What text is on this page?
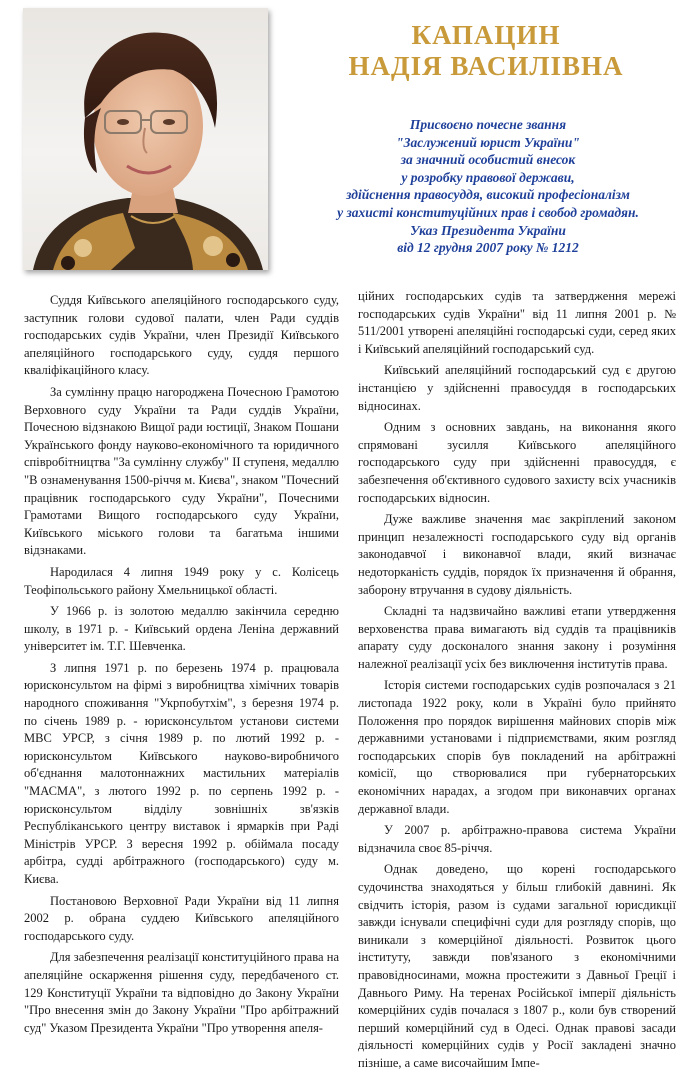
КАПАЦИН
НАДІЯ ВАСИЛІВНА
Присвоєно почесне звання
"Заслужений юрист України"
за значний особистий внесок
у розробку правової держави,
здійснення правосуддя, високий професіоналізм
у захисті конституційних прав і свобод громадян.
Указ Президента України
від 12 грудня 2007 року № 1212

Суддя Київського апеляційного господарського суду, заступник голови судової палати, член Ради суддів господарських судів України, член Президії Київського апеляційного господарського суду, суддя першого кваліфікаційного класу.

За сумлінну працю нагороджена Почесною Грамотою Верховного суду України та Ради суддів України, Почесною відзнакою Вищої ради юстиції, Знаком Пошани Українського фонду науково-економічного та юридичного співробітництва "За сумлінну службу" II ступеня, медаллю "В ознаменування 1500-річчя м. Києва", знаком "Почесний працівник господарського суду України", Почесними Грамотами Вищого господарського суду України, Київського міського голови та багатьма іншими відзнаками.

Народилася 4 липня 1949 року у с. Колісець Теофіпольського району Хмельницької області.

У 1966 р. із золотою медаллю закінчила середню школу, в 1971 р. - Київський ордена Леніна державний університет ім. Т.Г. Шевченка.

З липня 1971 р. по березень 1974 р. працювала юрисконсультом на фірмі з виробництва хімічних товарів народного споживання "Укрпобутхім", з березня 1974 р. по січень 1989 р. - юрисконсультом установи системи МВС УРСР, з січня 1989 р. по лютий 1992 р. - юрисконсультом Київського науково-виробничого об'єднання малотоннажних мастильних матеріалів "МАСМА", з лютого 1992 р. по серпень 1992 р. - юрисконсультом відділу зовнішніх зв'язків Республіканського центру виставок і ярмарків при Раді Міністрів УРСР. З вересня 1992 р. обіймала посаду арбітра, судді арбітражного (господарського) суду м. Києва.

Постановою Верховної Ради України від 11 липня 2002 р. обрана суддею Київського апеляційного господарського суду.

Для забезпечення реалізації конституційного права на апеляційне оскарження рішення суду, передбаченого ст. 129 Конституції України та відповідно до Закону України "Про внесення змін до Закону України "Про арбітражний суд" Указом Президента України "Про утворення апеля-

ційних господарських судів та затвердження мережі господарських судів України" від 11 липня 2001 р. № 511/2001 утворені апеляційні господарські суди, серед яких і Київський апеляційний господарський суд.

Київський апеляційний господарський суд є другою інстанцією у здійсненні правосуддя в господарських відносинах.

Одним з основних завдань, на виконання якого спрямовані зусилля Київського апеляційного господарського суду при здійсненні правосуддя, є забезпечення об'єктивного судового захисту всіх учасників господарських відносин.

Дуже важливе значення має закріплений законом принцип незалежності господарського суду від органів законодавчої і виконавчої влади, який визначає недоторканість суддів, порядок їх призначення й обрання, заборону втручання в судову діяльність.

Складні та надзвичайно важливі етапи утвердження верховенства права вимагають від суддів та працівників апарату суду досконалого знання закону і розуміння належної реалізації усіх без виключення інститутів права.

Історія системи господарських судів розпочалася з 21 листопада 1922 року, коли в Україні було прийнято Положення про порядок вирішення майнових спорів між державними установами і підприємствами, яким розгляд господарських спорів був покладений на арбітражні комісії, що створювалися при губернаторських економічних нарадах, а згодом при виконавчих органах державної влади.

У 2007 р. арбітражно-правова система України відзначила своє 85-річчя.

Однак доведено, що корені господарського судочинства знаходяться у більш глибокій давнині. Як свідчить історія, разом із судами загальної юрисдикції завжди існували специфічні суди для розгляду спорів, що виникали з комерційної діяльності. Розвиток цього інституту, завжди пов'язаного з економічними правовідносинами, можна простежити з Давньої Греції і Давнього Риму. На теренах Російської імперії діяльність комерційних судів почалася з 1807 р., коли був створений перший комерційний суд в Одесі. Однак правові засади діяльності комерційних судів у Росії закладені значно пізніше, а саме височайшим Імпе-
